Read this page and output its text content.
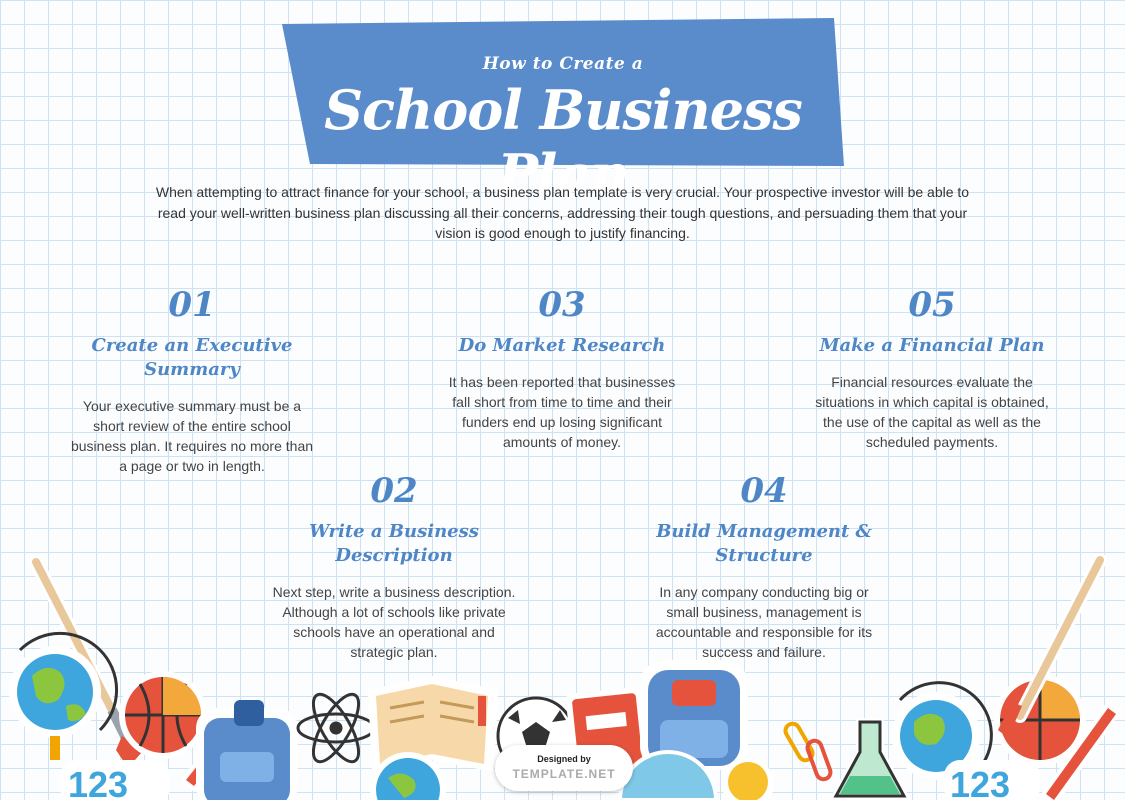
How to Create a
School Business Plan
When attempting to attract finance for your school, a business plan template is very crucial. Your prospective investor will be able to read your well-written business plan discussing all their concerns, addressing their tough questions, and persuading them that your vision is good enough to justify financing.
01
Create an Executive Summary
Your executive summary must be a short review of the entire school business plan. It requires no more than a page or two in length.
03
Do Market Research
It has been reported that businesses fall short from time to time and their funders end up losing significant amounts of money.
05
Make a Financial Plan
Financial resources evaluate the situations in which capital is obtained, the use of the capital as well as the scheduled payments.
02
Write a Business Description
Next step, write a business description. Although a lot of schools like private schools have an operational and strategic plan.
04
Build Management & Structure
In any company conducting big or small business, management is accountable and responsible for its success and failure.
123	123
Designed by
TEMPLATE.NET
